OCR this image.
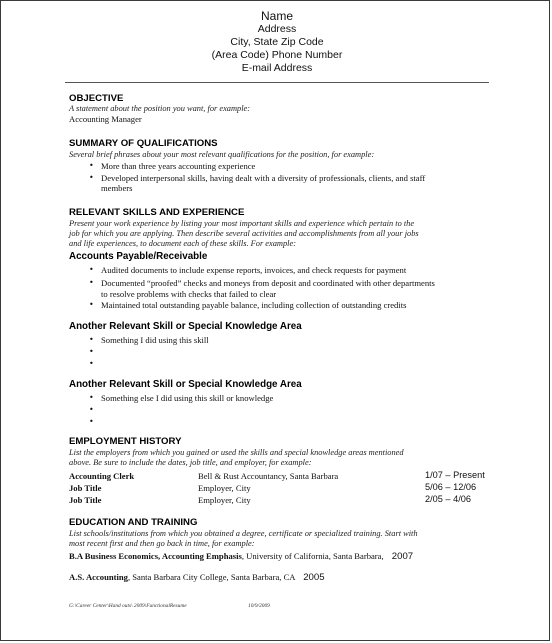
Name
Address
City, State Zip Code
(Area Code) Phone Number
E-mail Address
OBJECTIVE
A statement about the position you want, for example:
Accounting Manager
SUMMARY OF QUALIFICATIONS
Several brief phrases about your most relevant qualifications for the position, for example:
• More than three years accounting experience
• Developed interpersonal skills, having dealt with a diversity of professionals, clients, and staff
members
RELEVANT SKILLS AND EXPERIENCE
Present your work experience by listing your most important skills and experience which pertain to the
job for which you are applying. Then describe several activities and accomplishments from all your jobs
and life experiences, to document each of these skills. For example:
Accounts Payable/Receivable
• Audited documents to include expense reports, invoices, and check requests for payment
• Documented “proofed” checks and moneys from deposit and coordinated with other departments
to resolve problems with checks that failed to clear
• Maintained total outstanding payable balance, including collection of outstanding credits
Another Relevant Skill or Special Knowledge Area
• Something I did using this skill
•
•
Another Relevant Skill or Special Knowledge Area
• Something else I did using this skill or knowledge
•
•
EMPLOYMENT HISTORY
List the employers from which you gained or used the skills and special knowledge areas mentioned
above. Be sure to include the dates, job title, and employer, for example:
Accounting Clerk	Bell & Rust Accountancy, Santa Barbara	1/07 – Present
Job Title	Employer, City	5/06 – 12/06
Job Title	Employer, City	2/05 – 4/06
EDUCATION AND TRAINING
List schools/institutions from which you obtained a degree, certificate or specialized training. Start with
most recent first and then go back in time, for example:
B.A Business Economics, Accounting Emphasis, University of California, Santa Barbara, 2007
A.S. Accounting, Santa Barbara City College, Santa Barbara, CA 2005
G:\Career Center\Hand outs\ 2009\FunctionalResume	10/9/2009
